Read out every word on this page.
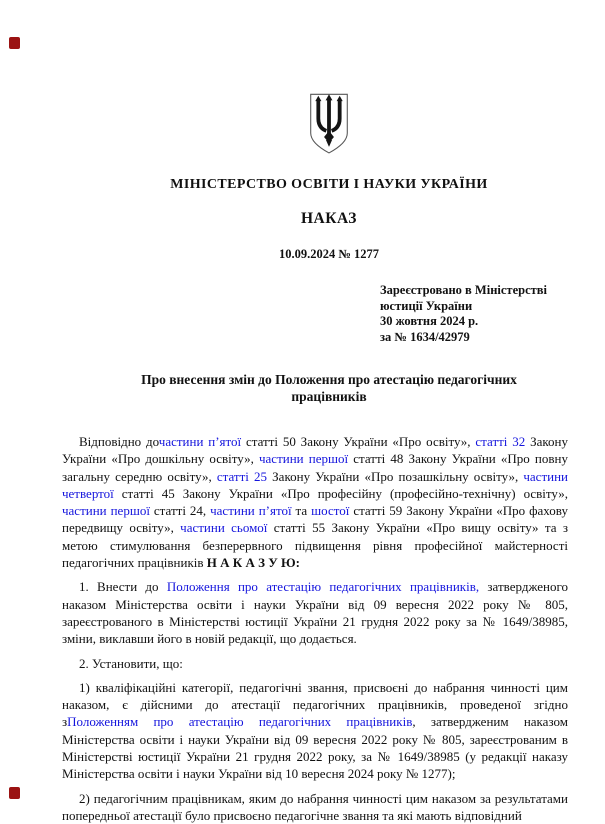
МІНІСТЕРСТВО ОСВІТИ І НАУКИ УКРАЇНИ
НАКАЗ
10.09.2024 № 1277
Зареєстровано в Міністерстві
юстиції України
30 жовтня 2024 р.
за № 1634/42979
Про внесення змін до Положення про атестацію педагогічних працівників

Відповідно дочастини п’ятої статті 50 Закону України «Про освіту», статті 32 Закону України «Про дошкільну освіту», частини першої статті 48 Закону України «Про повну загальну середню освіту», статті 25 Закону України «Про позашкільну освіту», частини четвертої статті 45 Закону України «Про професійну (професійно-технічну) освіту», частини першої статті 24, частини п’ятої та шостої статті 59 Закону України «Про фахову передвищу освіту», частини сьомої статті 55 Закону України «Про вищу освіту» та з метою стимулювання безперервного підвищення рівня професійної майстерності педагогічних працівників Н А К А З У Ю:

1. Внести до Положення про атестацію педагогічних працівників, затвердженого наказом Міністерства освіти і науки України від 09 вересня 2022 року № 805, зареєстрованого в Міністерстві юстиції України 21 грудня 2022 року за № 1649/38985, зміни, виклавши його в новій редакції, що додається.

2. Установити, що:

1) кваліфікаційні категорії, педагогічні звання, присвоєні до набрання чинності цим наказом, є дійсними до атестації педагогічних працівників, проведеної згідно зПоложенням про атестацію педагогічних працівників, затвердженим наказом Міністерства освіти і науки України від 09 вересня 2022 року № 805, зареєстрованим в Міністерстві юстиції України 21 грудня 2022 року, за № 1649/38985 (у редакції наказу Міністерства освіти і науки України від 10 вересня 2024 року № 1277);

2) педагогічним працівникам, яким до набрання чинності цим наказом за результатами попередньої атестації було присвоєно педагогічне звання та які мають відповідний
